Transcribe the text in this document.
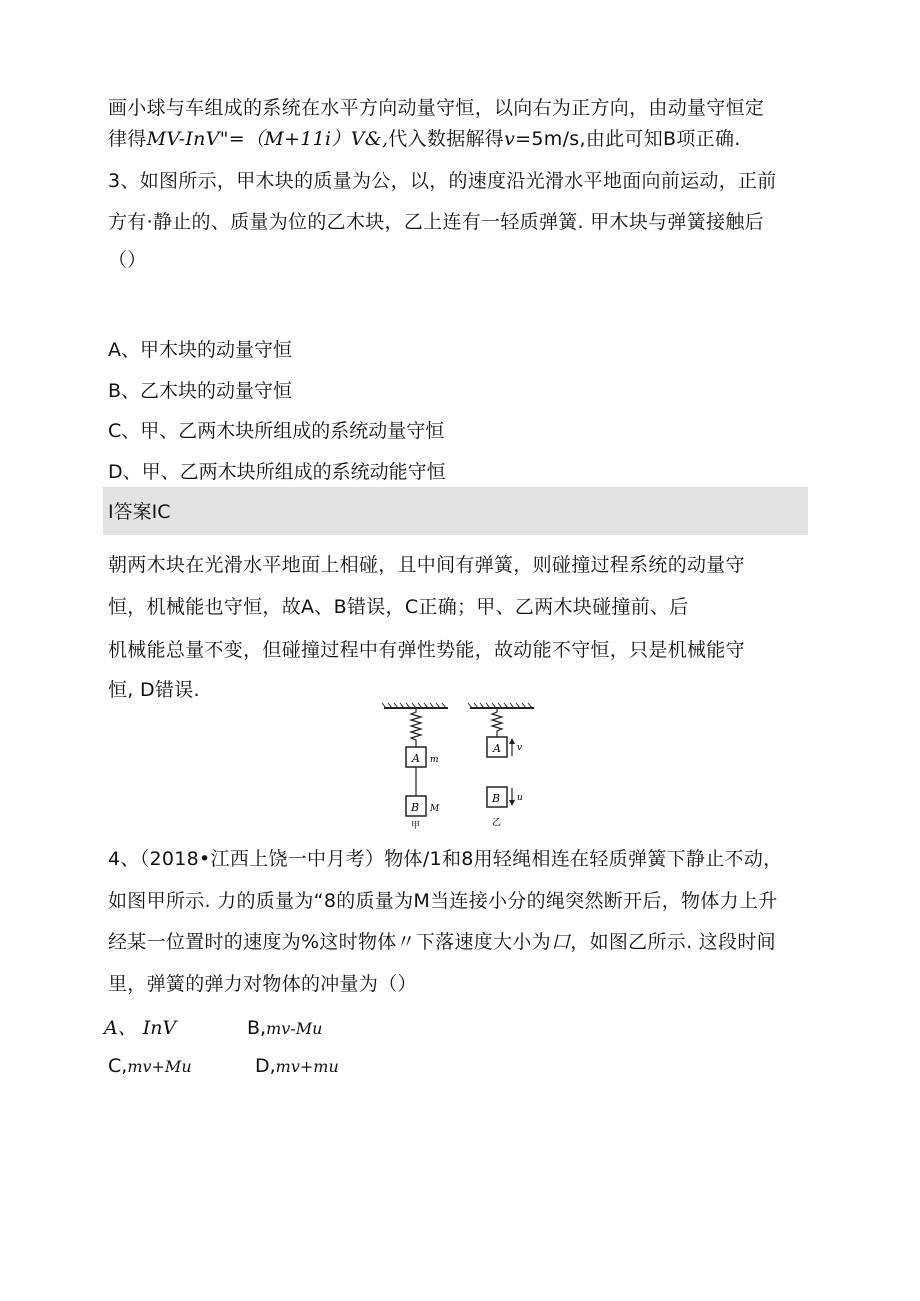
画小球与车组成的系统在水平方向动量守恒，以向右为正方向，由动量守恒定
律得MV-InV"=（M+11i）V&,代入数据解得v=5m/s,由此可知B项正确.
3、如图所示，甲木块的质量为公，以，的速度沿光滑水平地面向前运动，正前
方有·静止的、质量为位的乙木块，乙上连有一轻质弹簧. 甲木块与弹簧接触后
（）
A、甲木块的动量守恒
B、乙木块的动量守恒
C、甲、乙两木块所组成的系统动量守恒
D、甲、乙两木块所组成的系统动能守恒
I答案IC
朝两木块在光滑水平地面上相碰，且中间有弹簧，则碰撞过程系统的动量守
恒，机械能也守恒，故A、B错误，C正确；甲、乙两木块碰撞前、后
机械能总量不变，但碰撞过程中有弹性势能，故动能不守恒，只是机械能守
恒, D错误.
A m
B M
甲
A v
B u
乙
4、（2018•江西上饶一中月考）物体/1和8用轻绳相连在轻质弹簧下静止不动，
如图甲所示. 力的质量为“8的质量为M当连接小分的绳突然断开后，物体力上升
经某一位置时的速度为%这时物体〃下落速度大小为口，如图乙所示. 这段时间
里，弹簧的弹力对物体的冲量为（）
A、 InV	B,mv-Mu
C,mv+Mu	D,mv+mu
